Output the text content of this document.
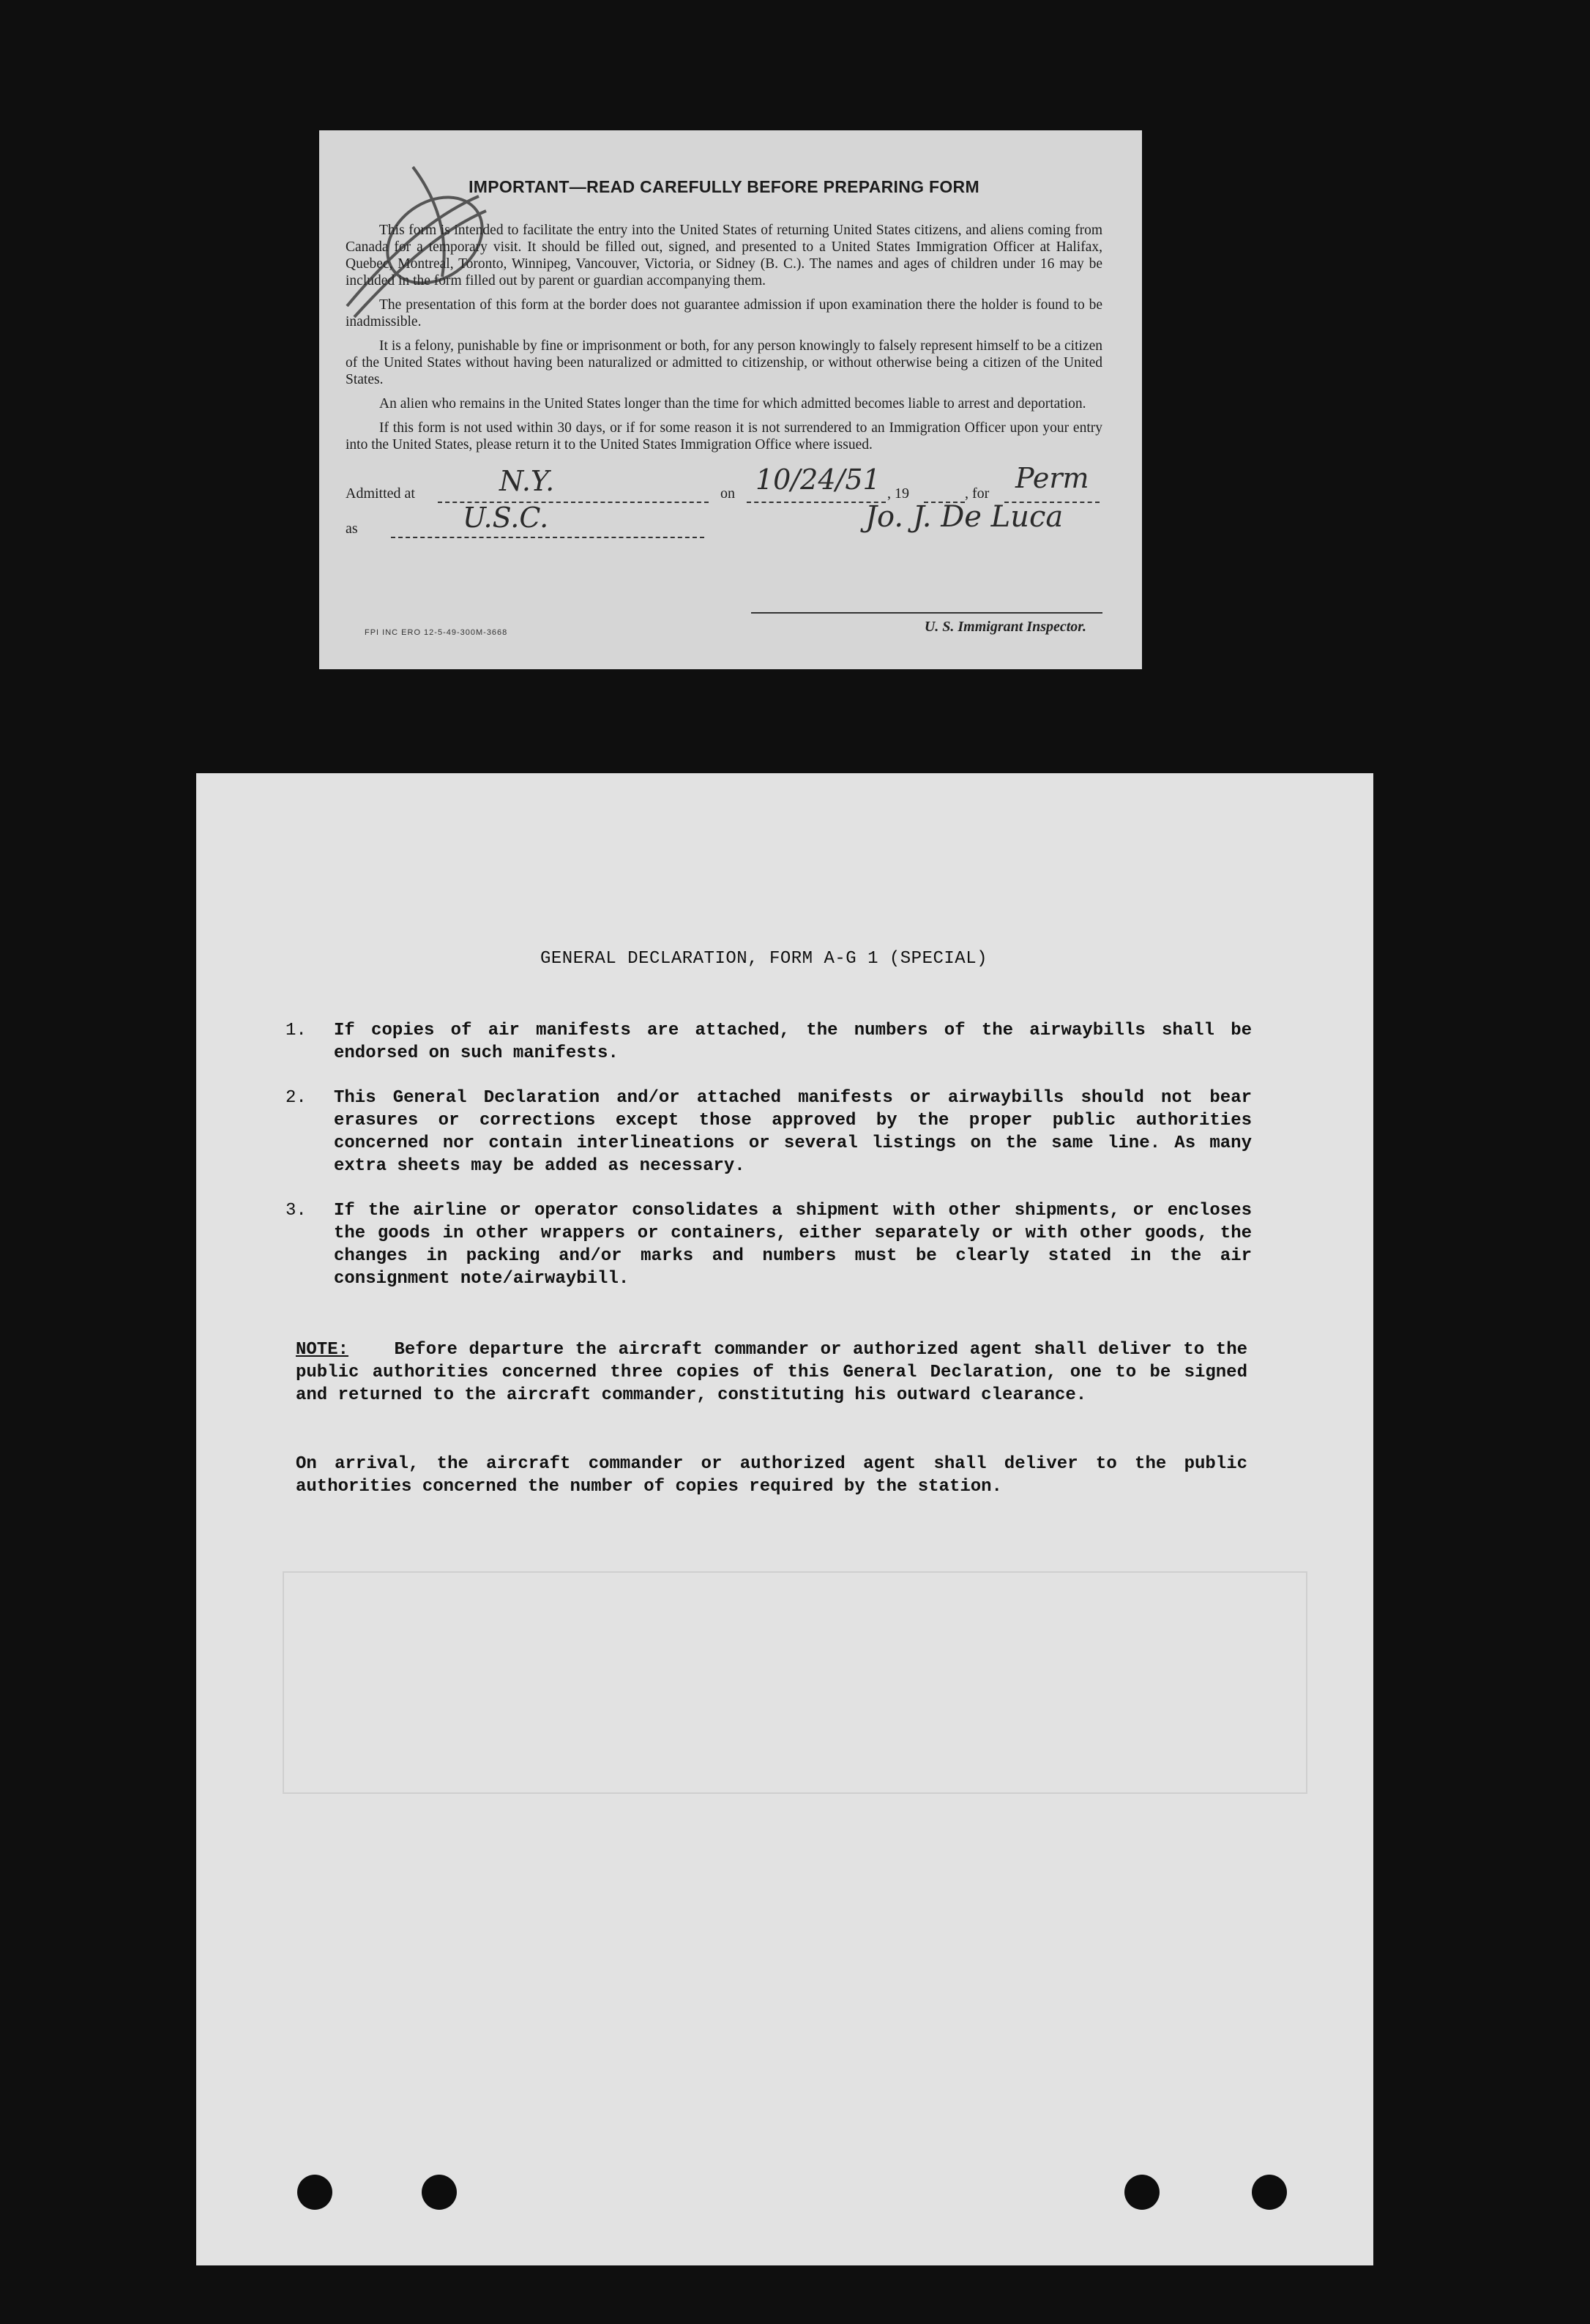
IMPORTANT—READ CAREFULLY BEFORE PREPARING FORM

This form is intended to facilitate the entry into the United States of returning United States citizens, and aliens coming from Canada for a temporary visit. It should be filled out, signed, and presented to a United States Immigration Officer at Halifax, Quebec, Montreal, Toronto, Winnipeg, Vancouver, Victoria, or Sidney (B. C.). The names and ages of children under 16 may be included in the form filled out by parent or guardian accompanying them.

The presentation of this form at the border does not guarantee admission if upon examination there the holder is found to be inadmissible.

It is a felony, punishable by fine or imprisonment or both, for any person knowingly to falsely represent himself to be a citizen of the United States without having been naturalized or admitted to citizenship, or without otherwise being a citizen of the United States.

An alien who remains in the United States longer than the time for which admitted becomes liable to arrest and deportation.

If this form is not used within 30 days, or if for some reason it is not surrendered to an Immigration Officer upon your entry into the United States, please return it to the United States Immigration Office where issued.

Admitted at	N.Y.	on 10/24/51 , 19	, for Perm
as	U.S.C.	Jo. J. De Luca
U. S. Immigrant Inspector.
FPI INC ERO 12-5-49-300M-3668
GENERAL DECLARATION, FORM A-G 1 (SPECIAL)
1.	If copies of air manifests are attached, the numbers of the airwaybills shall be endorsed on such manifests.
2.	This General Declaration and/or attached manifests or airwaybills should not bear erasures or corrections except those approved by the proper public authorities concerned nor contain interlineations or several listings on the same line. As many extra sheets may be added as necessary.
3.	If the airline or operator consolidates a shipment with other shipments, or encloses the goods in other wrappers or containers, either separately or with other goods, the changes in packing and/or marks and numbers must be clearly stated in the air consignment note/airwaybill.
NOTE:	Before departure the aircraft commander or authorized agent shall deliver to the public authorities concerned three copies of this General Declaration, one to be signed and returned to the aircraft commander, constituting his outward clearance.
On arrival, the aircraft commander or authorized agent shall deliver to the public authorities concerned the number of copies required by the station.
